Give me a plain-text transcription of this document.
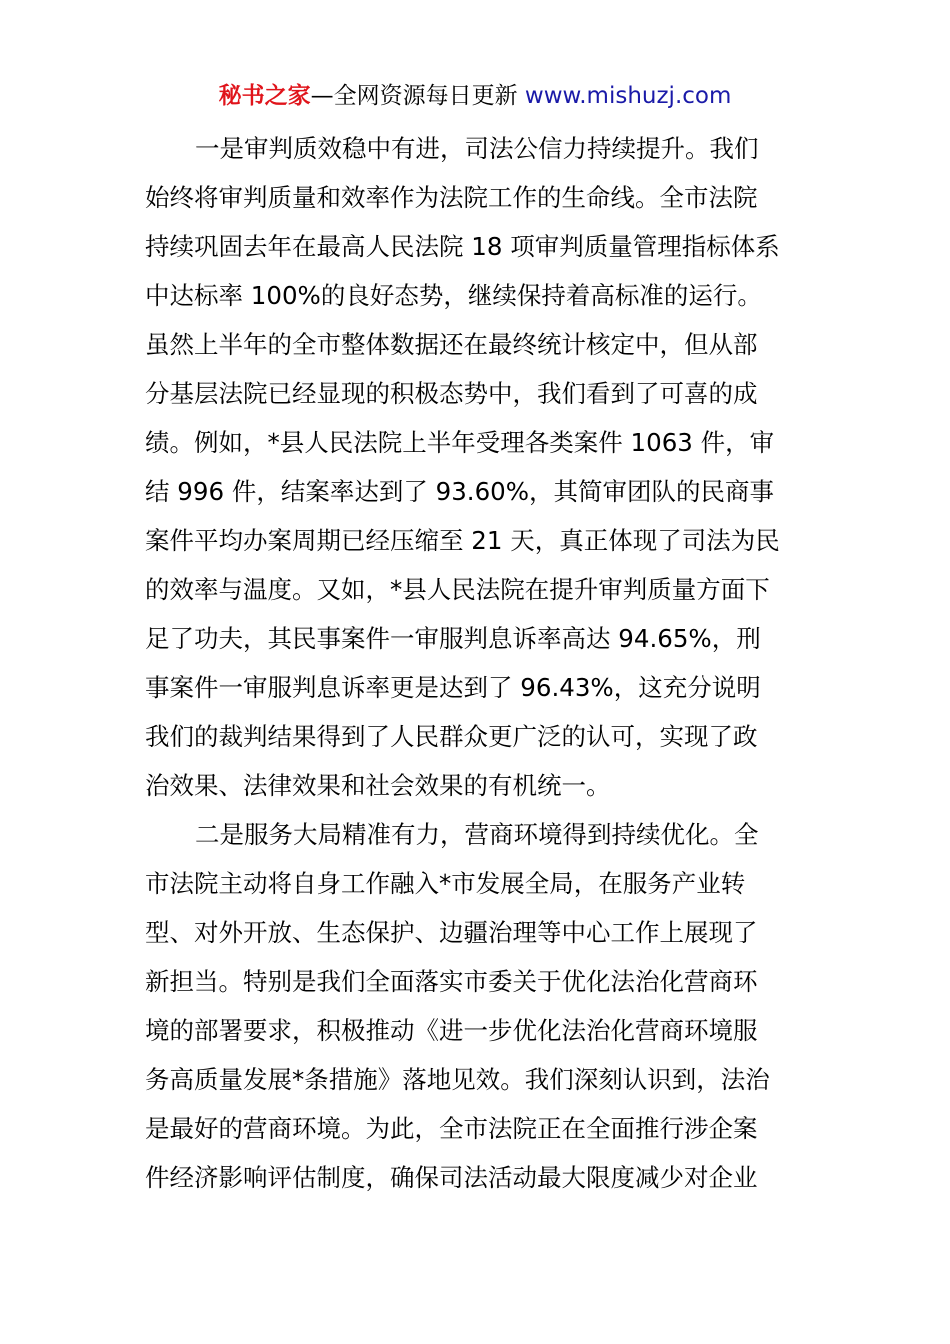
秘书之家—全网资源每日更新 www.mishuzj.com
一是审判质效稳中有进，司法公信力持续提升。我们
始终将审判质量和效率作为法院工作的生命线。全市法院
持续巩固去年在最高人民法院 18 项审判质量管理指标体系
中达标率 100%的良好态势，继续保持着高标准的运行。
虽然上半年的全市整体数据还在最终统计核定中，但从部
分基层法院已经显现的积极态势中，我们看到了可喜的成
绩。例如，*县人民法院上半年受理各类案件 1063 件，审
结 996 件，结案率达到了 93.60%，其简审团队的民商事
案件平均办案周期已经压缩至 21 天，真正体现了司法为民
的效率与温度。又如，*县人民法院在提升审判质量方面下
足了功夫，其民事案件一审服判息诉率高达 94.65%，刑
事案件一审服判息诉率更是达到了 96.43%，这充分说明
我们的裁判结果得到了人民群众更广泛的认可，实现了政
治效果、法律效果和社会效果的有机统一。
二是服务大局精准有力，营商环境得到持续优化。全
市法院主动将自身工作融入*市发展全局，在服务产业转
型、对外开放、生态保护、边疆治理等中心工作上展现了
新担当。特别是我们全面落实市委关于优化法治化营商环
境的部署要求，积极推动《进一步优化法治化营商环境服
务高质量发展*条措施》落地见效。我们深刻认识到，法治
是最好的营商环境。为此，全市法院正在全面推行涉企案
件经济影响评估制度，确保司法活动最大限度减少对企业
